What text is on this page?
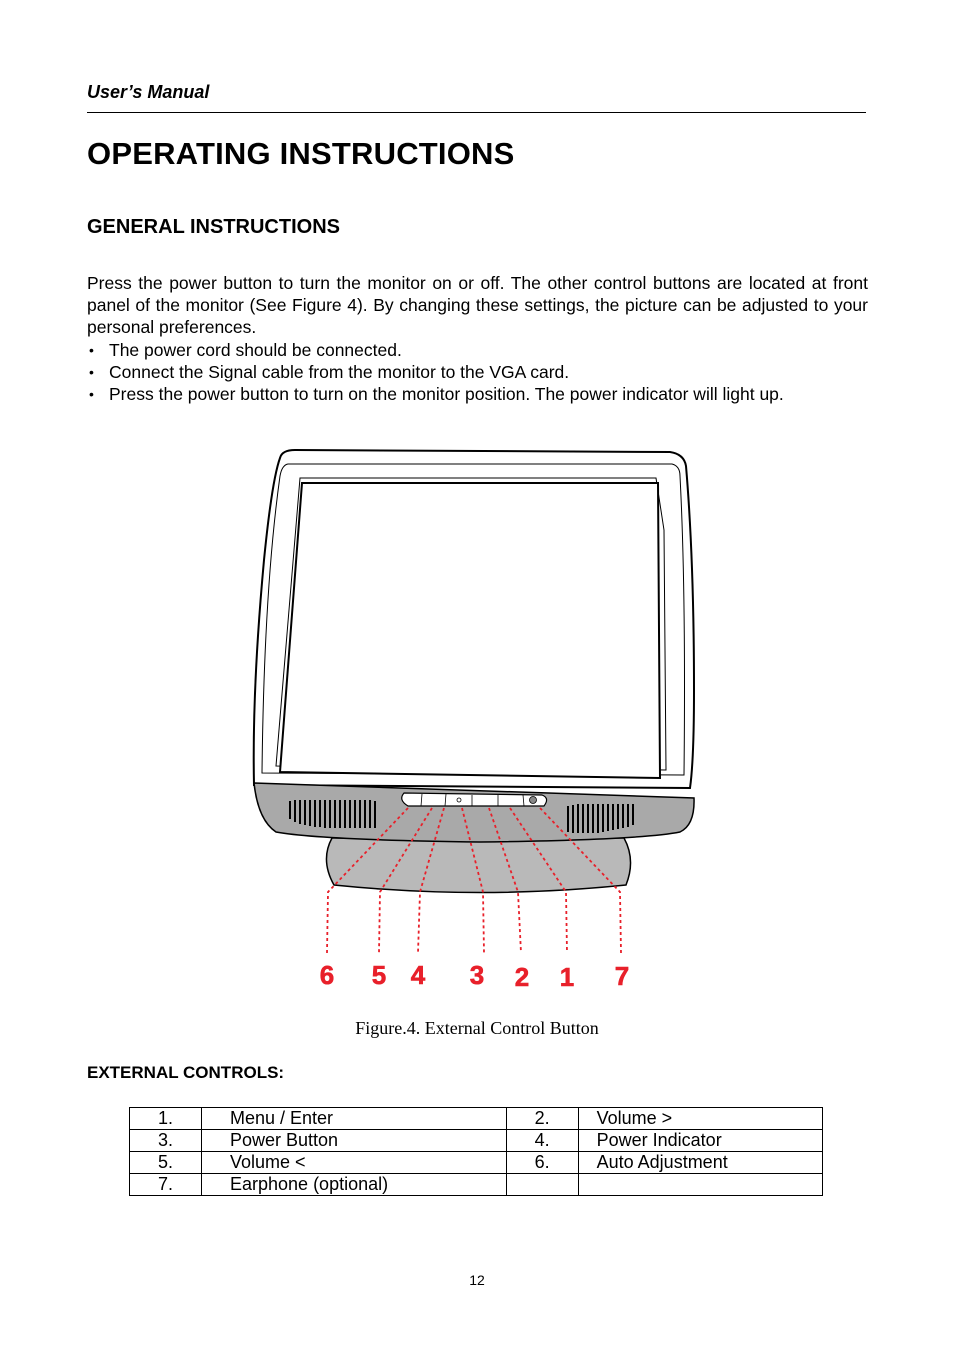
User’s Manual
OPERATING INSTRUCTIONS
GENERAL INSTRUCTIONS
Press the power button to turn the monitor on or off. The other control buttons are located at front panel of the monitor (See Figure 4). By changing these settings, the picture can be adjusted to your personal preferences.
• The power cord should be connected.
• Connect the Signal cable from the monitor to the VGA card.
• Press the power button to turn on the monitor position. The power indicator will light up.
6 5 4 3 2 1 7
Figure.4. External Control Button
EXTERNAL CONTROLS:
1.	Menu / Enter	2.	Volume >
3.	Power Button	4.	Power Indicator
5.	Volume <	6.	Auto Adjustment
7.	Earphone (optional)		
12
